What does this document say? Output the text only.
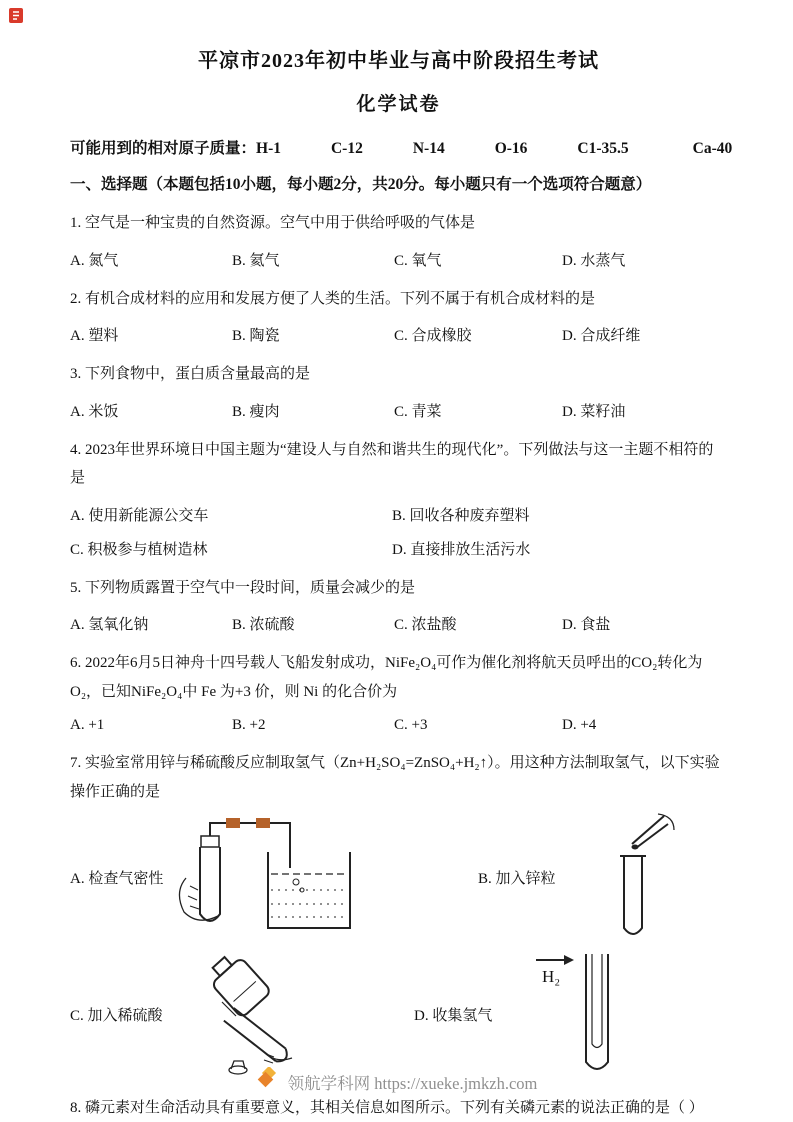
平凉市2023年初中毕业与高中阶段招生考试
化学试卷

可能用到的相对原子质量：H-1	C-12	N-14	O-16	C1-35.5	Ca-40

一、选择题（本题包括10小题，每小题2分，共20分。每小题只有一个选项符合题意）

1. 空气是一种宝贵的自然资源。空气中用于供给呼吸的气体是

A. 氮气	B. 氦气	C. 氧气	D. 水蒸气

2. 有机合成材料的应用和发展方便了人类的生活。下列不属于有机合成材料的是

A. 塑料	B. 陶瓷	C. 合成橡胶	D. 合成纤维

3. 下列食物中，蛋白质含量最高的是

A. 米饭	B. 瘦肉	C. 青菜	D. 菜籽油

4. 2023年世界环境日中国主题为“建设人与自然和谐共生的现代化”。下列做法与这一主题不相符的是

A. 使用新能源公交车	B. 回收各种废弃塑料
C. 积极参与植树造林	D. 直接排放生活污水

5. 下列物质露置于空气中一段时间，质量会减少的是

A. 氢氧化钠	B. 浓硫酸	C. 浓盐酸	D. 食盐

6. 2022年6月5日神舟十四号载人飞船发射成功，NiFe₂O₄可作为催化剂将航天员呼出的CO₂转化为O₂，已知NiFe₂O₄中 Fe 为+3 价，则 Ni 的化合价为

A. +1	B. +2	C. +3	D. +4

7. 实验室常用锌与稀硫酸反应制取氢气（Zn+H₂SO₄=ZnSO₄+H₂↑）。用这种方法制取氢气，以下实验操作正确的是

A. 检查气密性	B. 加入锌粒
C. 加入稀硫酸	D. 收集氢气
H₂

8. 磷元素对生命活动具有重要意义，其相关信息如图所示。下列有关磷元素的说法正确的是（ ）

领航学科网 https://xueke.jmkzh.com
